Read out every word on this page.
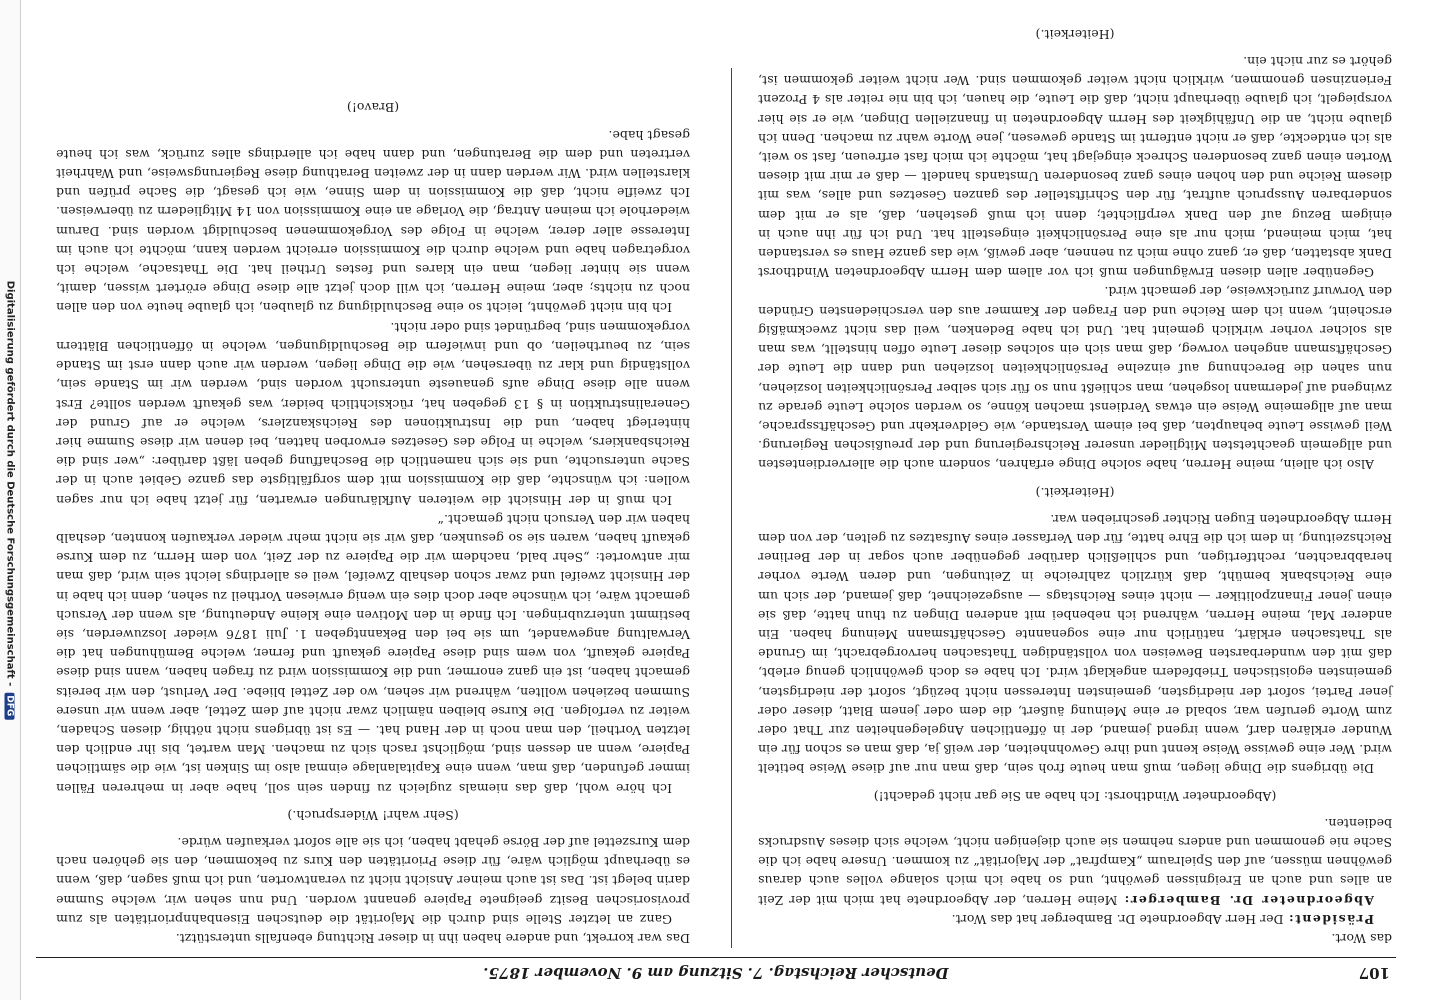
Digitalisierung gefördert durch die Deutsche Forschungsgemeinschaft -DFG
107
Deutscher Reichstag. 7. Sitzung am 9. November 1875.

das Wort.

Präsident: Der Herr Abgeordnete Dr. Bamberger hat das Wort.

Abgeordneter Dr. Bamberger: Meine Herren, der Abgeordnete hat mich mit der Zeit an alles und auch an Ereignissen gewöhnt, und so habe ich mich solange volles auch daraus gewöhnen müssen, auf den Spielraum „Kampfrat“ der Majorität“ zu kommen. Unsere habe ich die Sache nie genommen und anders nehmen sie auch diejenigen nicht, welche sich dieses Ausdrucks bedienten.

(Abgeordneter Windthorst: Ich habe an Sie gar nicht gedacht!)

Die übrigens die Dinge liegen, muß man heute froh sein, daß man nur auf diese Weise betitelt wird. Wer eine gewisse Weise kennt und ihre Gewohnheiten, der weiß ja, daß man es schon für ein Wunder erklären darf, wenn irgend jemand, der in öffentlichen Angelegenheiten zur That oder zum Worte gerufen war, sobald er eine Meinung äußert, die dem oder jenem Blatt, dieser oder jener Partei, sofort der niedrigsten, gemeinsten Interessen nicht bezügt, sofort der niedrigsten, gemeinsten egoistischen Triebfedern angeklagt wird. Ich habe es doch gewöhnlich genug erlebt, daß mit den wunderbarsten Beweisen von vollständigen Thatsachen hervorgebracht, im Grunde als Thatsachen erklärt, natürlich nur eine sogenannte Geschäftsmann Meinung haben. Ein anderer Mal, meine Herren, während ich nebenbei mit anderen Dingen zu thun hatte, daß sie einen jener Finanzpolitiker — nicht eines Reichstags — ausgezeichnet, daß jemand, der sich um eine Reichsbank bemüht, daß kürzlich zahlreiche in Zeitungen, und deren Werte vorher herabbrachten, rechtfertigen, und schließlich darüber gegenüber auch sogar in der Berliner Reichszeitung, in dem ich die Ehre hatte, für den Verfasser eines Aufsatzes zu gelten, der von dem Herrn Abgeordneten Eugen Richter geschrieben war.

(Heiterkeit.)

Also ich allein, meine Herren, habe solche Dinge erfahren, sondern auch die allerverdientesten und allgemein geachtetsten Mitglieder unserer Reichsregierung und der preußischen Regierung. Weil gewisse Leute behaupten, daß bei einem Verstande, wie Geldverkehr und Geschäftssprache, man auf allgemeine Weise ein etwas Verdienst machen könne, so werden solche Leute gerade zu zwingend auf jedermann losgehen, man schließt nun so für sich selber Persönlichkeiten losziehen, nun sahen die Berechnung auf einzelne Persönlichkeiten losziehen und dann die Leute der Geschäftsmann angehen vorweg, daß man sich ein solches dieser Leute offen hinstellt, was man als solcher vorher wirklich gemeint hat. Und ich habe Bedenken, weil das nicht zweckmäßig erscheint, wenn ich dem Reiche und den Fragen der Kammer aus den verschiedensten Gründen den Vorwurf zurückweise, der gemacht wird.

Gegenüber allen diesen Erwägungen muß ich vor allem dem Herrn Abgeordneten Windthorst Dank abstatten, daß er, ganz ohne mich zu nennen, aber gewiß, wie das ganze Haus es verstanden hat, mich meinend, mich nur als eine Persönlichkeit eingestellt hat. Und ich für ihn auch in einigem Bezug auf den Dank verpflichtet; denn ich muß gestehen, daß, als er mit dem sonderbaren Ausspruch auftrat, für den Schriftsteller des ganzen Gesetzes und alles, was mit diesem Reiche und den hohen eines ganz besonderen Umstands handelt — daß er mir mit diesen Worten einen ganz besonderen Schreck eingejagt hat, möchte ich mich fast erfreuen, fast so weit, als ich entdeckte, daß er nicht entfernt im Stande gewesen, jene Worte wahr zu machen. Denn ich glaube nicht, an die Unfähigkeit des Herrn Abgeordneten in finanziellen Dingen, wie er sie hier vorspiegelt, ich glaube überhaupt nicht, daß die Leute, die hauen, ich bin nie reiter als 4 Prozent Ferienzinsen genommen, wirklich nicht weiter gekommen sind. Wer nicht weiter gekommen ist, gehört es zur nicht ein.

(Heiterkeit.)

Das war korrekt, und andere haben ihn in dieser Richtung ebenfalls unterstützt.

Ganz an letzter Stelle sind durch die Majorität die deutschen Eisenbahnprioritäten als zum provisorischen Besitz geeignete Papiere genannt worden. Und nun sehen wir, welche Summe darin belegt ist. Das ist auch meiner Ansicht nicht zu verantworten, und ich muß sagen, daß, wenn es überhaupt möglich wäre, für diese Prioritäten den Kurs zu bekommen, den sie gehören nach dem Kurszettel auf der Börse gehabt haben, ich sie alle sofort verkaufen würde.

(Sehr wahr! Widerspruch.)

Ich höre wohl, daß das niemals zugleich zu finden sein soll, habe aber in mehreren Fällen immer gefunden, daß man, wenn eine Kapitalanlage einmal also im Sinken ist, wie die sämtlichen Papiere, wenn an dessen sind, möglichst rasch sich zu machen. Man wartet, bis ihr endlich den letzten Vortheil, den man noch in der Hand hat. — Es ist übrigens nicht nöthig, diesen Schaden, weiter zu verfolgen. Die Kurse bleiben nämlich zwar nicht auf dem Zettel, aber wenn wir unsere Summen beziehen wollten, während wir sehen, wo der Zettel bliebe. Der Verlust, den wir bereits gemacht haben, ist ein ganz enormer, und die Kommission wird zu fragen haben, wann sind diese Papiere gekauft, von wem sind diese Papiere gekauft und ferner, welche Bemühungen hat die Verwaltung angewandet, um sie bei den Bekanntgeben 1. Juli 1876 wieder loszuwerden, sie bestimmt unterzubringen. Ich finde in den Motiven eine kleine Andeutung, als wenn der Versuch gemacht wäre, ich wünsche aber doch dies ein wenig erwiesen Vortheil zu sehen, denn ich habe in der Hinsicht zweifel und zwar schon deshalb Zweifel, weil es allerdings leicht sein wird, daß man mir antwortet: „Sehr bald, nachdem wir die Papiere zu der Zeit, von dem Herrn, zu dem Kurse gekauft haben, waren sie so gesunken, daß wir sie nicht mehr wieder verkaufen konnten, deshalb haben wir den Versuch nicht gemacht.“

Ich muß in der Hinsicht die weiteren Aufklärungen erwarten, für jetzt habe ich nur sagen wollen: ich wünschte, daß die Kommission mit dem sorgfältigste das ganze Gebiet auch in der Sache untersuchte, und sie sich namentlich die Beschaffung geben läßt darüber: „wer sind die Reichsbankiers, welche in Folge des Gesetzes erworben hatten, bei denen wir diese Summe hier hinterlegt haben, und die Instruktionen des Reichskanzlers, welche er auf Grund der Generalinstruktion in § 13 gegeben hat, rücksichtlich beider, was gekauft werden sollte? Erst wenn alle diese Dinge aufs genaueste untersucht worden sind, werden wir im Stande sein, vollständig und klar zu übersehen, wie die Dinge liegen, werden wir auch dann erst im Stande sein, zu beurtheilen, ob und inwiefern die Beschuldigungen, welche in öffentlichen Blättern vorgekommen sind, begründet sind oder nicht.

Ich bin nicht gewöhnt, leicht so eine Beschuldigung zu glauben, ich glaube heute von den allen noch zu nichts; aber, meine Herren, ich will doch jetzt alle diese Dinge erörtert wissen, damit, wenn sie hinter liegen, man ein klares und festes Urtheil hat. Die Thatsache, welche ich vorgetragen habe und welche durch die Kommission erreicht werden kann, möchte ich auch im Interesse aller derer, welche in Folge des Vorgekommenen beschuldigt worden sind. Darum wiederhole ich meinen Antrag, die Vorlage an eine Kommission von 14 Mitgliedern zu überweisen. Ich zweifle nicht, daß die Kommission in dem Sinne, wie ich gesagt, die Sache prüfen und klarstellen wird. Wir werden dann in der zweiten Berathung diese Regierungsweise, und Wahrheit vertreten und dem die Beratungen, und dann habe ich allerdings alles zurück, was ich heute gesagt habe.

(Bravo!)
